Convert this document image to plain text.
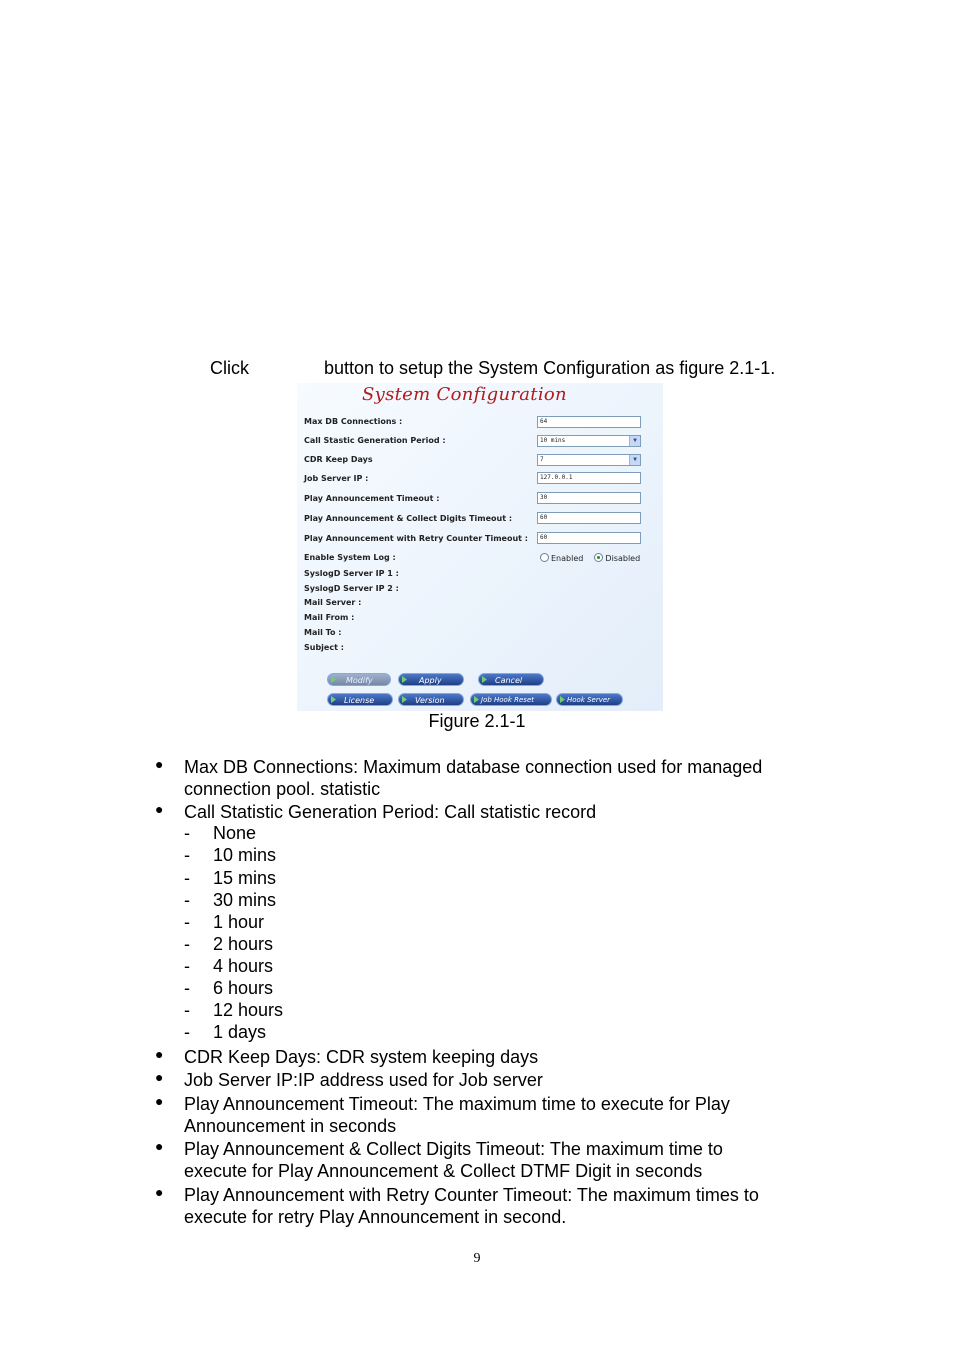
Click	button to setup the System Configuration as figure 2.1-1.
System Configuration
Max DB Connections :	64
Call Stastic Generation Period :	10 mins	▼
CDR Keep Days	7	▼
Job Server IP :	127.0.0.1
Play Announcement Timeout :	30
Play Announcement & Collect Digits Timeout :	60
Play Announcement with Retry Counter Timeout :	60
Enable System Log :	Enabled	Disabled
SyslogD Server IP 1 :
SyslogD Server IP 2 :
Mail Server :
Mail From :
Mail To :
Subject :
Modify	Apply	Cancel
License	Version	Job Hook Reset	Hook Server
Figure 2.1-1
● Max DB Connections: Maximum database connection used for managed
connection pool. statistic
● Call Statistic Generation Period: Call statistic record
- None
- 10 mins
- 15 mins
- 30 mins
- 1 hour
- 2 hours
- 4 hours
- 6 hours
- 12 hours
- 1 days
● CDR Keep Days: CDR system keeping days
● Job Server IP:IP address used for Job server
● Play Announcement Timeout: The maximum time to execute for Play
Announcement in seconds
● Play Announcement & Collect Digits Timeout: The maximum time to
execute for Play Announcement & Collect DTMF Digit in seconds
● Play Announcement with Retry Counter Timeout: The maximum times to
execute for retry Play Announcement in second.
9
